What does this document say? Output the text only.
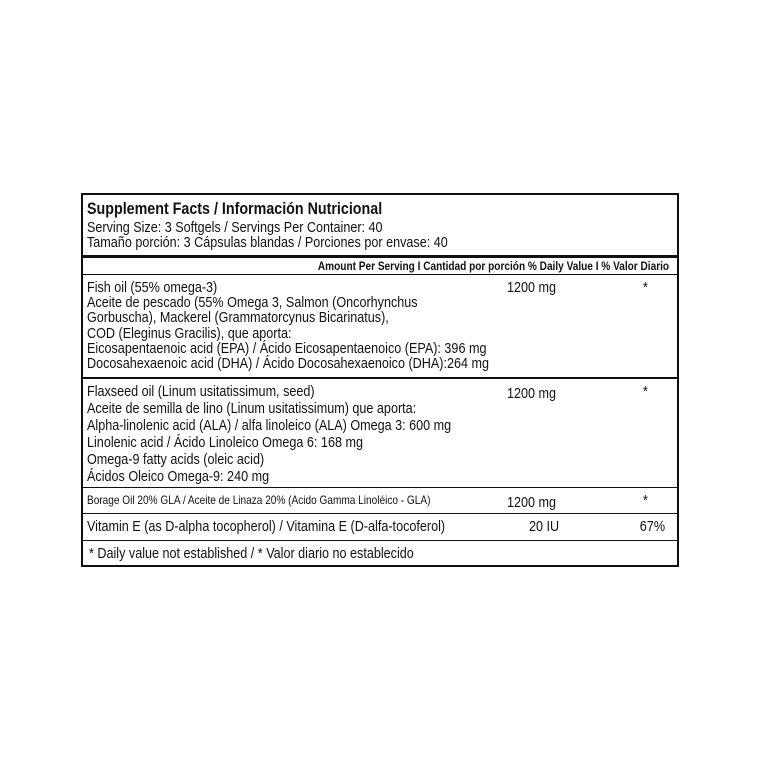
Supplement Facts / Información Nutricional
Serving Size: 3 Softgels / Servings Per Container: 40
Tamaño porción: 3 Cápsulas blandas / Porciones por envase: 40
Amount Per Serving I Cantidad por porción % Daily Value I % Valor Diario
Fish oil (55% omega-3)
Aceite de pescado (55% Omega 3, Salmon (Oncorhynchus
Gorbuscha), Mackerel (Grammatorcynus Bicarinatus),
COD (Eleginus Gracilis), que aporta:
Eicosapentaenoic acid (EPA) / Ácido Eicosapentaenoico (EPA): 396 mg
Docosahexaenoic acid (DHA) / Ácido Docosahexaenoico (DHA):264 mg
1200 mg	*
Flaxseed oil (Linum usitatissimum, seed)
Aceite de semilla de lino (Linum usitatissimum) que aporta:
Alpha-linolenic acid (ALA) / alfa linoleico (ALA) Omega 3: 600 mg
Linolenic acid / Ácido Linoleico Omega 6: 168 mg
Omega-9 fatty acids (oleic acid)
Ácidos Oleico Omega-9: 240 mg
1200 mg	*
Borage Oil 20% GLA / Aceite de Linaza 20% (Acido Gamma Linoléico - GLA)	1200 mg	*
Vitamin E (as D-alpha tocopherol) / Vitamina E (D-alfa-tocoferol)	20 IU	67%
* Daily value not established / * Valor diario no establecido
